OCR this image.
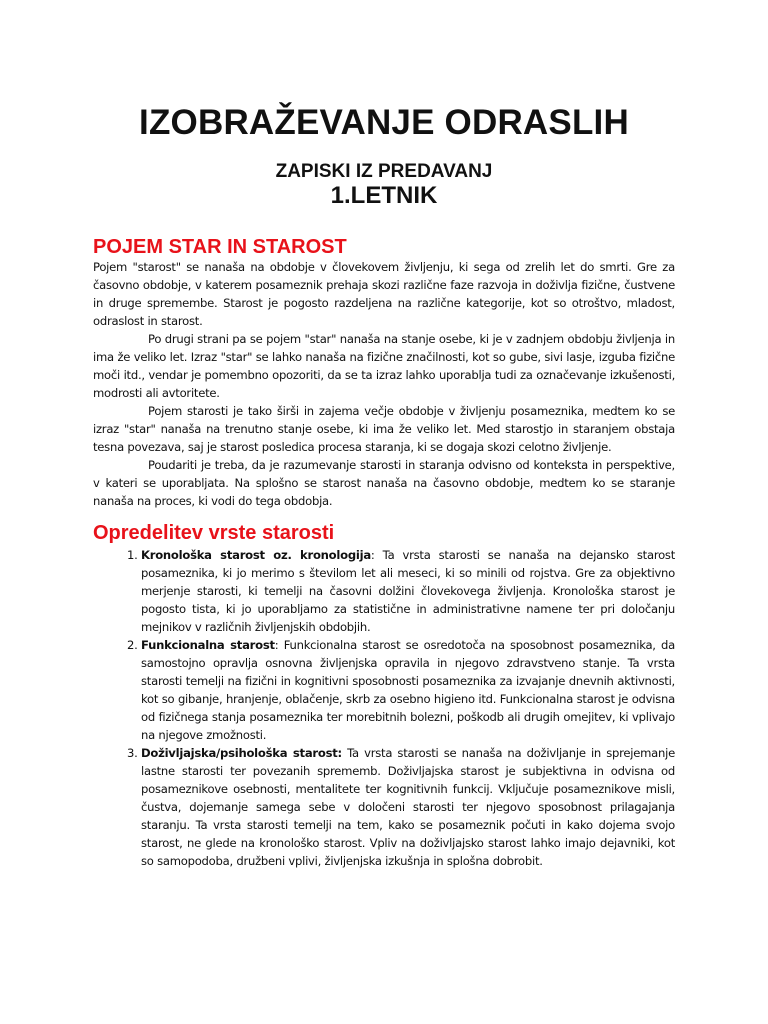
IZOBRAŽEVANJE ODRASLIH
ZAPISKI IZ PREDAVANJ
1.LETNIK
POJEM STAR IN STAROST

Pojem "starost" se nanaša na obdobje v človekovem življenju, ki sega od zrelih let do smrti. Gre za časovno obdobje, v katerem posameznik prehaja skozi različne faze razvoja in doživlja fizične, čustvene in druge spremembe. Starost je pogosto razdeljena na različne kategorije, kot so otroštvo, mladost, odraslost in starost.

Po drugi strani pa se pojem "star" nanaša na stanje osebe, ki je v zadnjem obdobju življenja in ima že veliko let. Izraz "star" se lahko nanaša na fizične značilnosti, kot so gube, sivi lasje, izguba fizične moči itd., vendar je pomembno opozoriti, da se ta izraz lahko uporablja tudi za označevanje izkušenosti, modrosti ali avtoritete.

Pojem starosti je tako širši in zajema večje obdobje v življenju posameznika, medtem ko se izraz "star" nanaša na trenutno stanje osebe, ki ima že veliko let. Med starostjo in staranjem obstaja tesna povezava, saj je starost posledica procesa staranja, ki se dogaja skozi celotno življenje.

Poudariti je treba, da je razumevanje starosti in staranja odvisno od konteksta in perspektive, v kateri se uporabljata. Na splošno se starost nanaša na časovno obdobje, medtem ko se staranje nanaša na proces, ki vodi do tega obdobja.

Opredelitev vrste starosti
1. Kronološka starost oz. kronologija: Ta vrsta starosti se nanaša na dejansko starost posameznika, ki jo merimo s številom let ali meseci, ki so minili od rojstva. Gre za objektivno merjenje starosti, ki temelji na časovni dolžini človekovega življenja. Kronološka starost je pogosto tista, ki jo uporabljamo za statistične in administrativne namene ter pri določanju mejnikov v različnih življenjskih obdobjih.
2. Funkcionalna starost: Funkcionalna starost se osredotoča na sposobnost posameznika, da samostojno opravlja osnovna življenjska opravila in njegovo zdravstveno stanje. Ta vrsta starosti temelji na fizični in kognitivni sposobnosti posameznika za izvajanje dnevnih aktivnosti, kot so gibanje, hranjenje, oblačenje, skrb za osebno higieno itd. Funkcionalna starost je odvisna od fizičnega stanja posameznika ter morebitnih bolezni, poškodb ali drugih omejitev, ki vplivajo na njegove zmožnosti.
3. Doživljajska/psihološka starost: Ta vrsta starosti se nanaša na doživljanje in sprejemanje lastne starosti ter povezanih sprememb. Doživljajska starost je subjektivna in odvisna od posameznikove osebnosti, mentalitete ter kognitivnih funkcij. Vključuje posameznikove misli, čustva, dojemanje samega sebe v določeni starosti ter njegovo sposobnost prilagajanja staranju. Ta vrsta starosti temelji na tem, kako se posameznik počuti in kako dojema svojo starost, ne glede na kronološko starost. Vpliv na doživljajsko starost lahko imajo dejavniki, kot so samopodoba, družbeni vplivi, življenjska izkušnja in splošna dobrobit.
